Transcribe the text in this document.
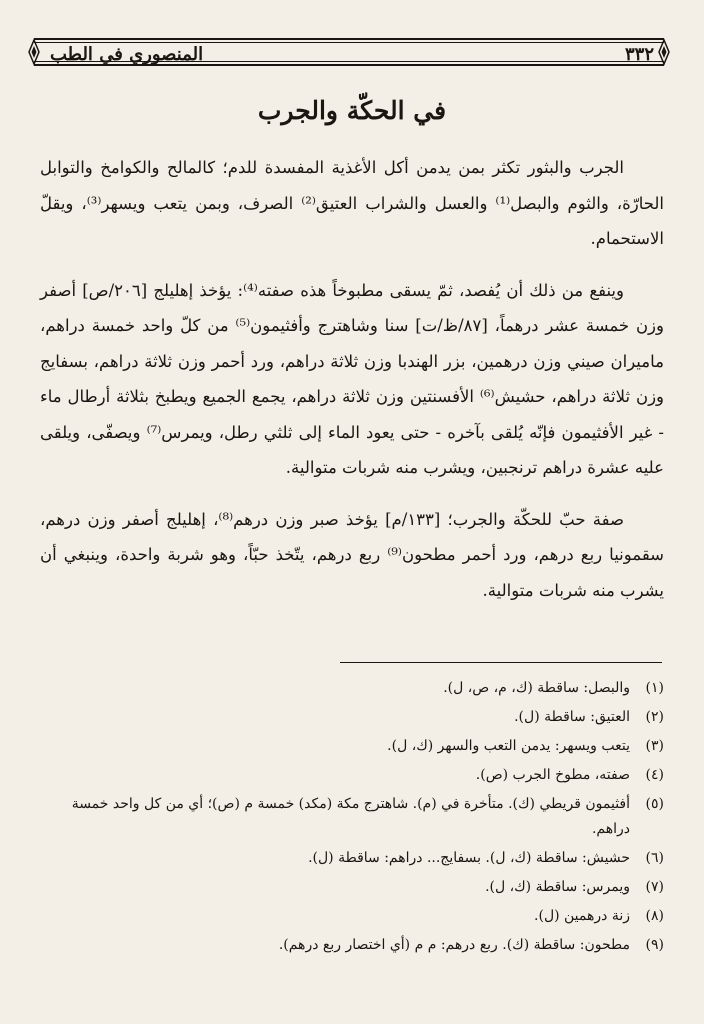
٣٣٢
المنصوري في الطب
في الحكّة والجرب

الجرب والبثور تكثر بمن يدمن أكل الأغذية المفسدة للدم؛ كالمالح والكوامخ والتوابل الحارّة، والثوم والبصل⁽¹⁾ والعسل والشراب العتيق⁽²⁾ الصرف، وبمن يتعب ويسهر⁽³⁾، ويقلّ الاستحمام.

وينفع من ذلك أن يُفصد، ثمّ يسقى مطبوخاً هذه صفته⁽⁴⁾: يؤخذ إهليلج [٢٠٦/ص] أصفر وزن خمسة عشر درهماً، [٨٧/ظ/ت] سنا وشاهترج وأفثيمون⁽⁵⁾ من كلّ واحد خمسة دراهم، ماميران صيني وزن درهمين، بزر الهندبا وزن ثلاثة دراهم، ورد أحمر وزن ثلاثة دراهم، بسفايج وزن ثلاثة دراهم، حشيش⁽⁶⁾ الأفسنتين وزن ثلاثة دراهم، يجمع الجميع ويطبخ بثلاثة أرطال ماء - غير الأفثيمون فإنّه يُلقى بآخره - حتى يعود الماء إلى ثلثي رطل، ويمرس⁽⁷⁾ ويصفّى، ويلقى عليه عشرة دراهم ترنجبين، ويشرب منه شربات متوالية.

صفة حبّ للحكّة والجرب؛ [١٣٣/م] يؤخذ صبر وزن درهم⁽⁸⁾، إهليلج أصفر وزن درهم، سقمونيا ربع درهم، ورد أحمر مطحون⁽⁹⁾ ربع درهم، يتّخذ حبّاً، وهو شربة واحدة، وينبغي أن يشرب منه شربات متوالية.

(١)
والبصل: ساقطة (ك، م، ص، ل).
(٢)
العتيق: ساقطة (ل).
(٣)
يتعب ويسهر: يدمن التعب والسهر (ك، ل).
(٤)
صفته، مطوخ الجرب (ص).
(٥)
أفثيمون قريطي (ك). متأخرة في (م). شاهترج مكة (مكد) خمسة م (ص)؛ أي من كل واحد خمسة دراهم.
(٦)
حشيش: ساقطة (ك، ل). بسفايج... دراهم: ساقطة (ل).
(٧)
ويمرس: ساقطة (ك، ل).
(٨)
زنة درهمين (ل).
(٩)
مطحون: ساقطة (ك). ربع درهم: م م (أي اختصار ربع درهم).
